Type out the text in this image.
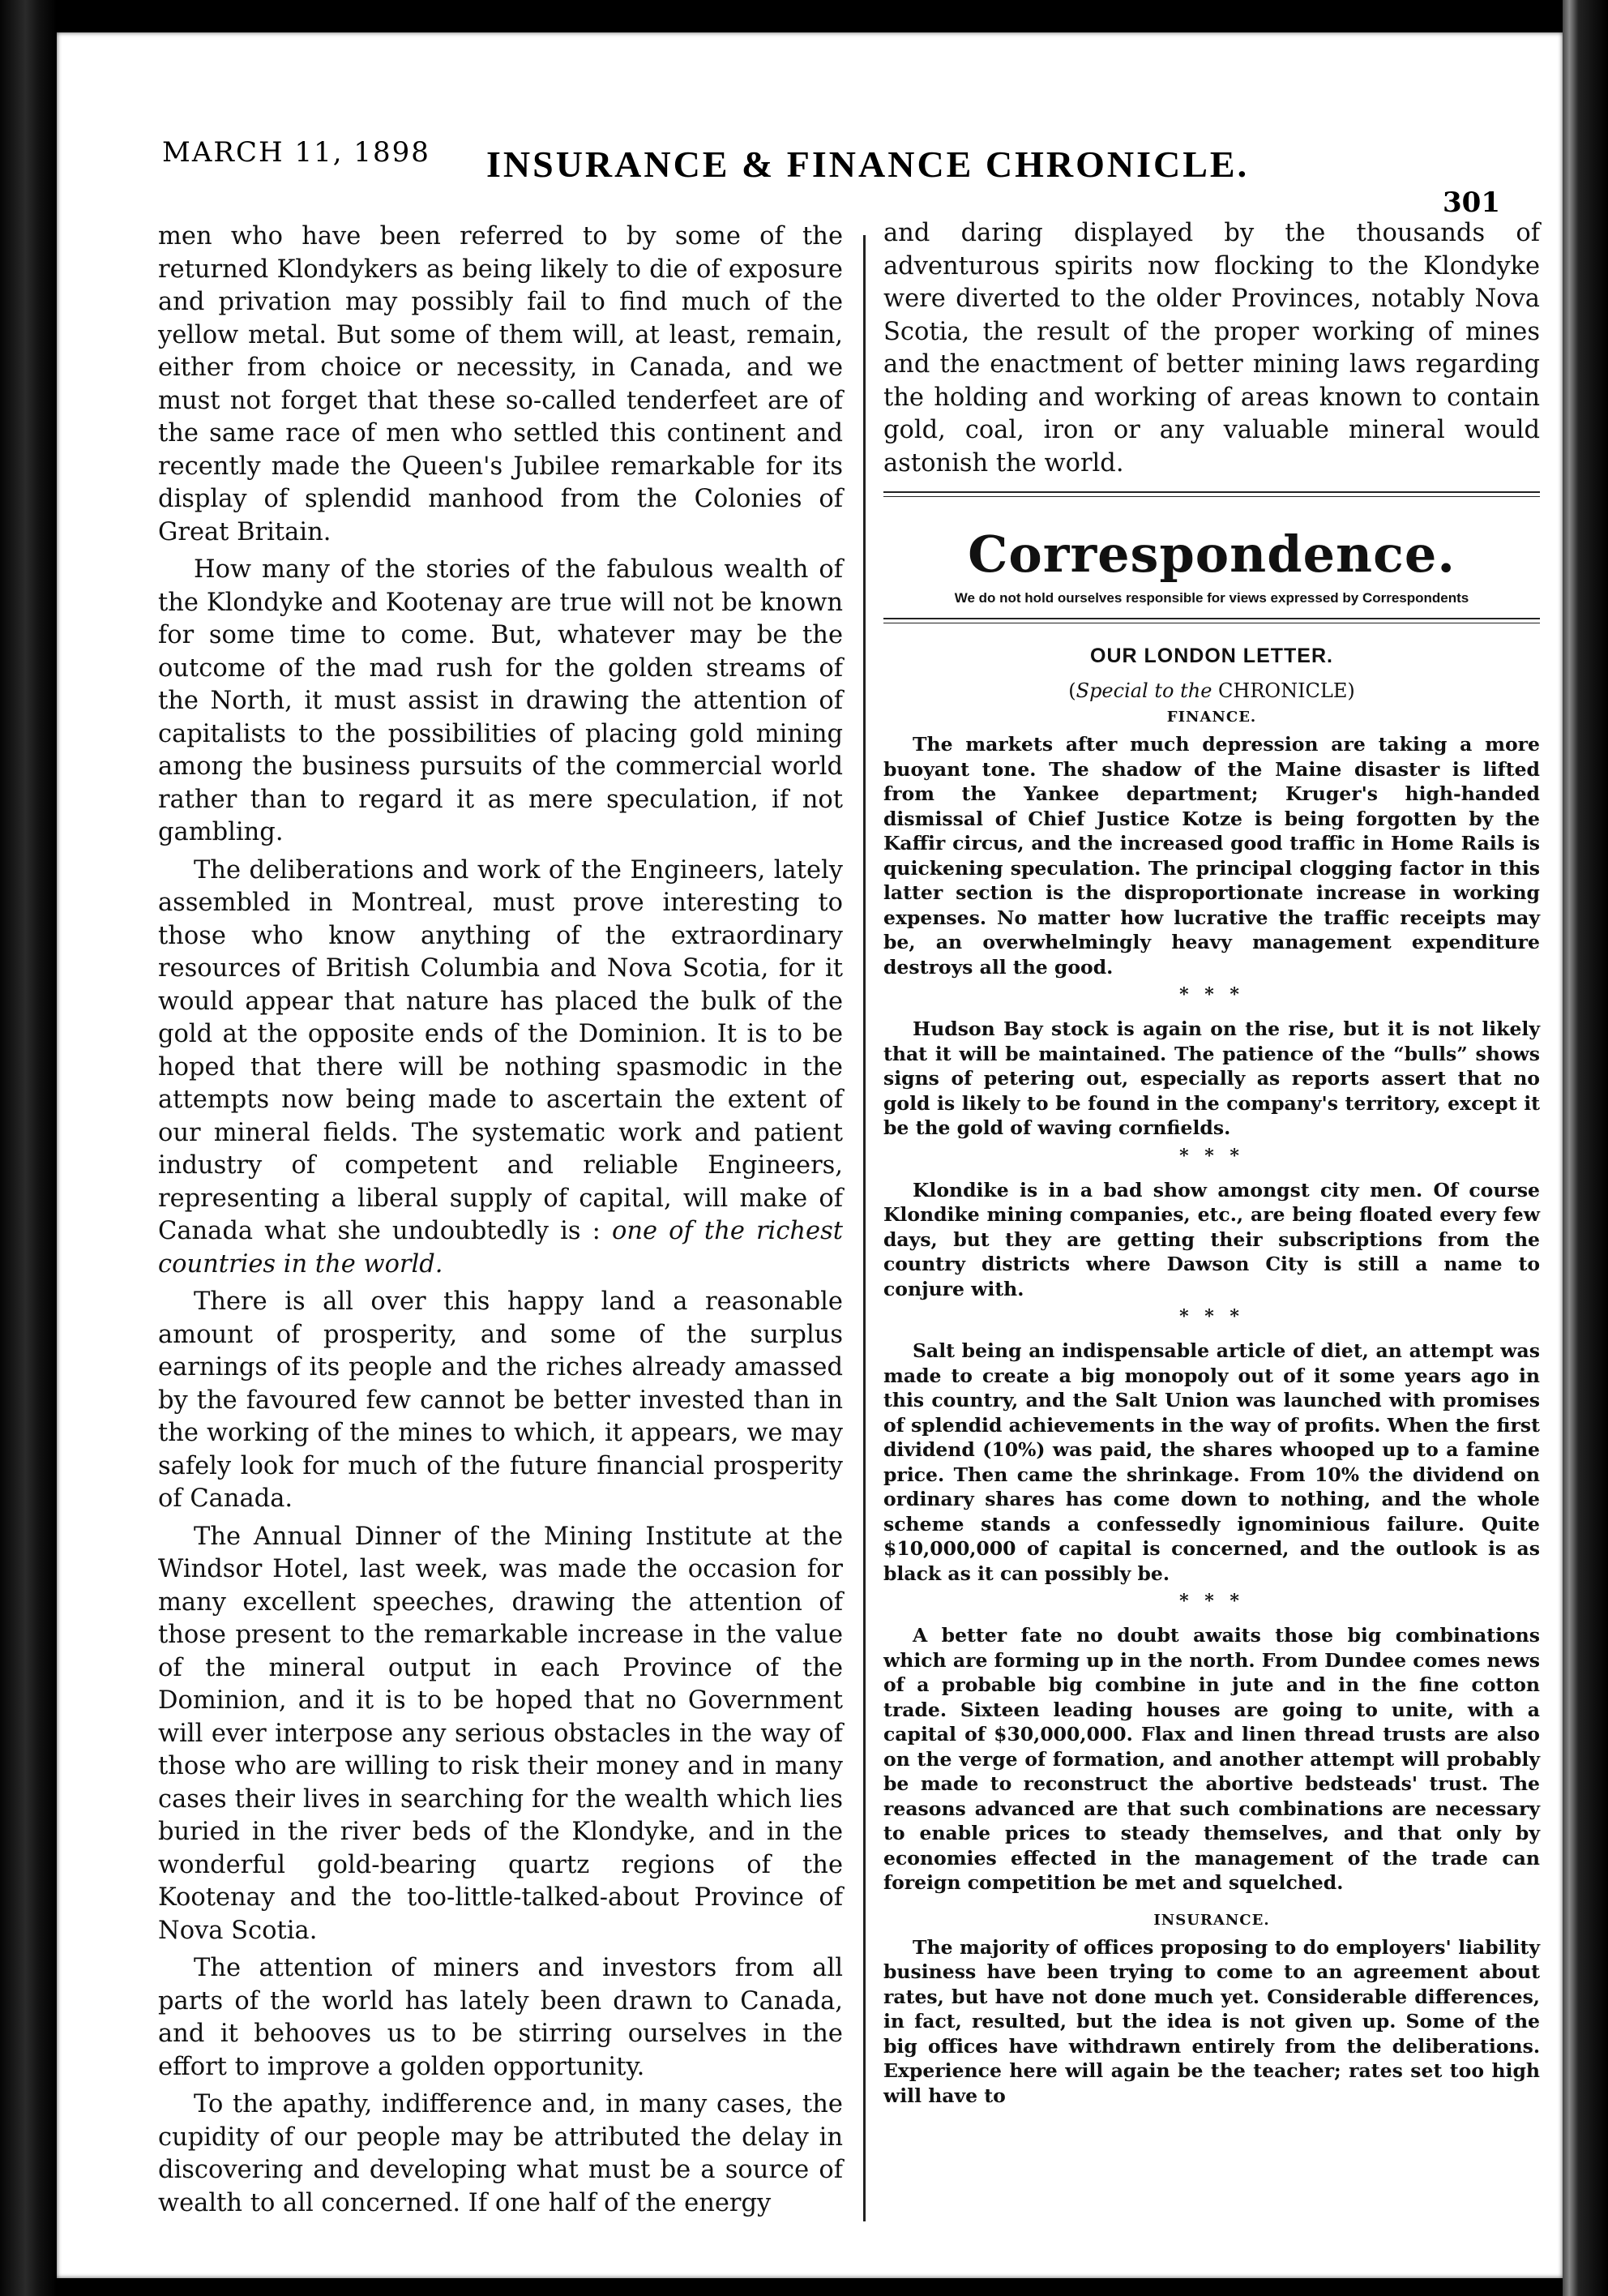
MARCH 11, 1898 INSURANCE & FINANCE CHRONICLE.
301

men who have been referred to by some of the returned Klondykers as being likely to die of exposure and privation may possibly fail to find much of the yellow metal. But some of them will, at least, remain, either from choice or necessity, in Canada, and we must not forget that these so-called tenderfeet are of the same race of men who settled this continent and recently made the Queen's Jubilee remarkable for its display of splendid manhood from the Colonies of Great Britain.

How many of the stories of the fabulous wealth of the Klondyke and Kootenay are true will not be known for some time to come. But, whatever may be the outcome of the mad rush for the golden streams of the North, it must assist in drawing the attention of capitalists to the possibilities of placing gold mining among the business pursuits of the commercial world rather than to regard it as mere speculation, if not gambling.

The deliberations and work of the Engineers, lately assembled in Montreal, must prove interesting to those who know anything of the extraordinary resources of British Columbia and Nova Scotia, for it would appear that nature has placed the bulk of the gold at the opposite ends of the Dominion. It is to be hoped that there will be nothing spasmodic in the attempts now being made to ascertain the extent of our mineral fields. The systematic work and patient industry of competent and reliable Engineers, representing a liberal supply of capital, will make of Canada what she undoubtedly is : one of the richest countries in the world.

There is all over this happy land a reasonable amount of prosperity, and some of the surplus earnings of its people and the riches already amassed by the favoured few cannot be better invested than in the working of the mines to which, it appears, we may safely look for much of the future financial prosperity of Canada.

The Annual Dinner of the Mining Institute at the Windsor Hotel, last week, was made the occasion for many excellent speeches, drawing the attention of those present to the remarkable increase in the value of the mineral output in each Province of the Dominion, and it is to be hoped that no Government will ever interpose any serious obstacles in the way of those who are willing to risk their money and in many cases their lives in searching for the wealth which lies buried in the river beds of the Klondyke, and in the wonderful gold-bearing quartz regions of the Kootenay and the too-little-talked-about Province of Nova Scotia.

The attention of miners and investors from all parts of the world has lately been drawn to Canada, and it behooves us to be stirring ourselves in the effort to improve a golden opportunity.

To the apathy, indifference and, in many cases, the cupidity of our people may be attributed the delay in discovering and developing what must be a source of wealth to all concerned. If one half of the energy

and daring displayed by the thousands of adventurous spirits now flocking to the Klondyke were diverted to the older Provinces, notably Nova Scotia, the result of the proper working of mines and the enactment of better mining laws regarding the holding and working of areas known to contain gold, coal, iron or any valuable mineral would astonish the world.

Correspondence.
We do not hold ourselves responsible for views expressed by Correspondents
OUR LONDON LETTER.
(Special to the CHRONICLE)
FINANCE.

The markets after much depression are taking a more buoyant tone. The shadow of the Maine disaster is lifted from the Yankee department; Kruger's high-handed dismissal of Chief Justice Kotze is being forgotten by the Kaffir circus, and the increased good traffic in Home Rails is quickening speculation. The principal clogging factor in this latter section is the disproportionate increase in working expenses. No matter how lucrative the traffic receipts may be, an overwhelmingly heavy management expenditure destroys all the good.

* * *

Hudson Bay stock is again on the rise, but it is not likely that it will be maintained. The patience of the “bulls” shows signs of petering out, especially as reports assert that no gold is likely to be found in the company's territory, except it be the gold of waving cornfields.

* * *

Klondike is in a bad show amongst city men. Of course Klondike mining companies, etc., are being floated every few days, but they are getting their subscriptions from the country districts where Dawson City is still a name to conjure with.

* * *

Salt being an indispensable article of diet, an attempt was made to create a big monopoly out of it some years ago in this country, and the Salt Union was launched with promises of splendid achievements in the way of profits. When the first dividend (10%) was paid, the shares whooped up to a famine price. Then came the shrinkage. From 10% the dividend on ordinary shares has come down to nothing, and the whole scheme stands a confessedly ignominious failure. Quite $10,000,000 of capital is concerned, and the outlook is as black as it can possibly be.

* * *

A better fate no doubt awaits those big combinations which are forming up in the north. From Dundee comes news of a probable big combine in jute and in the fine cotton trade. Sixteen leading houses are going to unite, with a capital of $30,000,000. Flax and linen thread trusts are also on the verge of formation, and another attempt will probably be made to reconstruct the abortive bedsteads' trust. The reasons advanced are that such combinations are necessary to enable prices to steady themselves, and that only by economies effected in the management of the trade can foreign competition be met and squelched.

INSURANCE.

The majority of offices proposing to do employers' liability business have been trying to come to an agreement about rates, but have not done much yet. Considerable differences, in fact, resulted, but the idea is not given up. Some of the big offices have withdrawn entirely from the deliberations. Experience here will again be the teacher; rates set too high will have to
